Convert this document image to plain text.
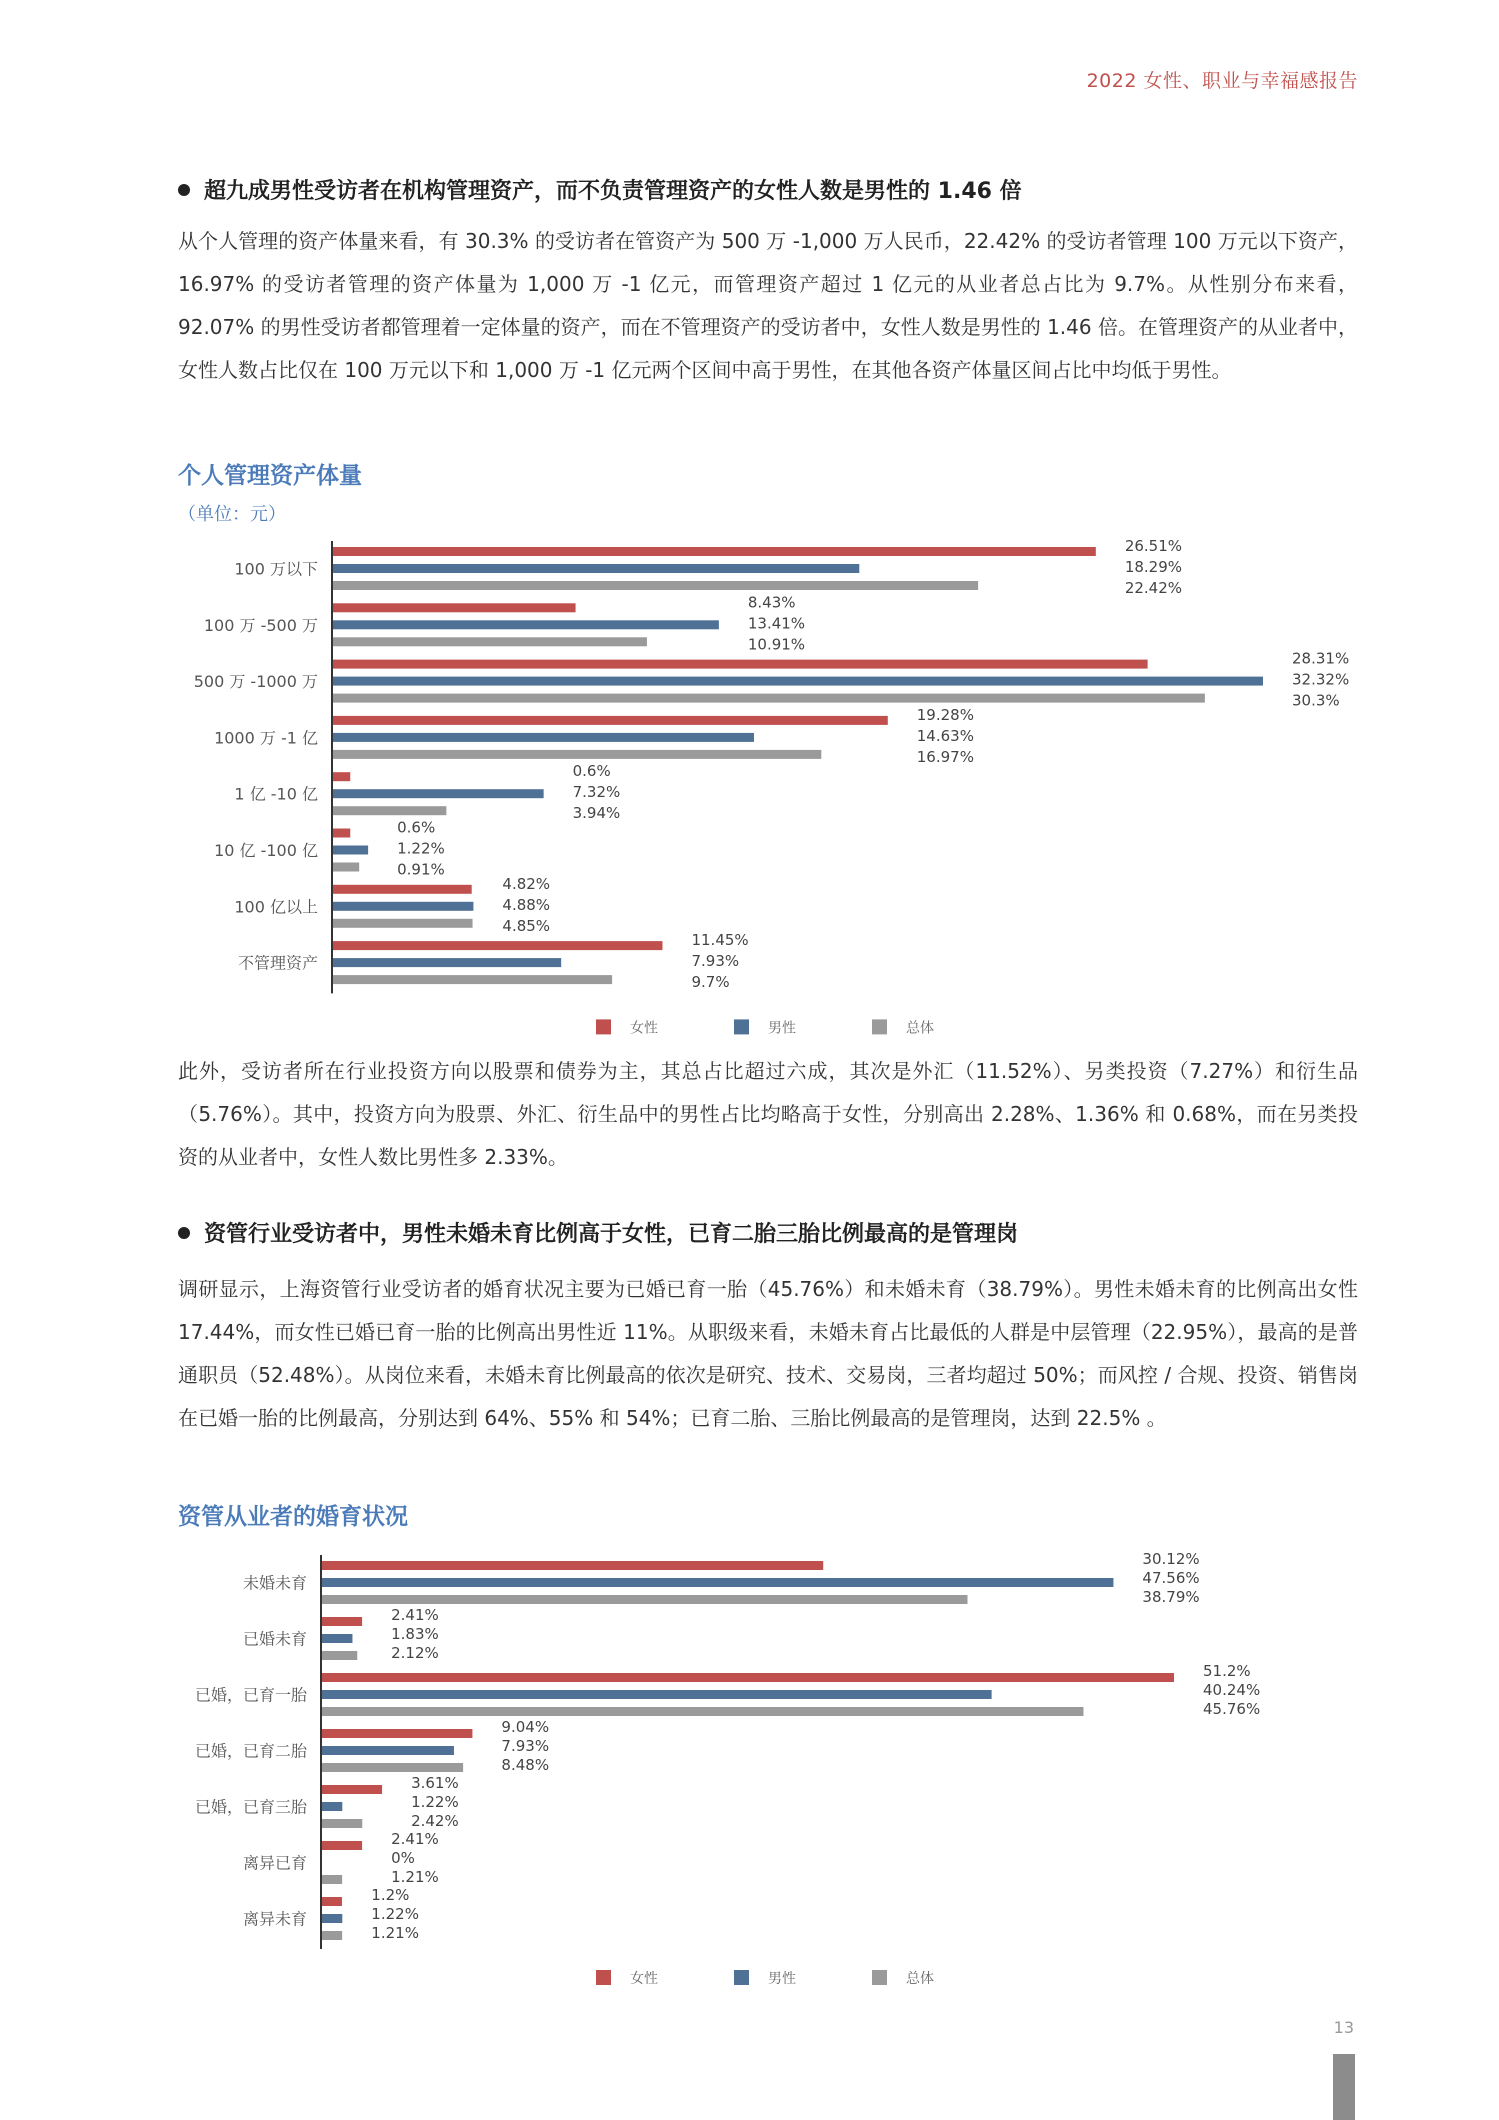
2022 女性、职业与幸福感报告
超九成男性受访者在机构管理资产，而不负责管理资产的女性人数是男性的 1.46 倍
从个人管理的资产体量来看，有 30.3% 的受访者在管资产为 500 万 -1,000 万人民币，22.42% 的受访者管理 100 万元以下资产，16.97% 的受访者管理的资产体量为 1,000 万 -1 亿元，而管理资产超过 1 亿元的从业者总占比为 9.7%。从性别分布来看，92.07% 的男性受访者都管理着一定体量的资产，而在不管理资产的受访者中，女性人数是男性的 1.46 倍。在管理资产的从业者中，女性人数占比仅在 100 万元以下和 1,000 万 -1 亿元两个区间中高于男性，在其他各资产体量区间占比中均低于男性。
个人管理资产体量
（单位：元）
100 万以下
26.51%
18.29%
22.42%
100 万 -500 万
8.43%
13.41%
10.91%
500 万 -1000 万
28.31%
32.32%
30.3%
1000 万 -1 亿
19.28%
14.63%
16.97%
1 亿 -10 亿
0.6%
7.32%
3.94%
10 亿 -100 亿
0.6%
1.22%
0.91%
100 亿以上
4.82%
4.88%
4.85%
不管理资产
11.45%
7.93%
9.7%
女性	男性	总体
此外，受访者所在行业投资方向以股票和债券为主，其总占比超过六成，其次是外汇（11.52%）、另类投资（7.27%）和衍生品（5.76%）。其中，投资方向为股票、外汇、衍生品中的男性占比均略高于女性，分别高出 2.28%、1.36% 和 0.68%，而在另类投资的从业者中，女性人数比男性多 2.33%。
资管行业受访者中，男性未婚未育比例高于女性，已育二胎三胎比例最高的是管理岗
调研显示，上海资管行业受访者的婚育状况主要为已婚已育一胎（45.76%）和未婚未育（38.79%）。男性未婚未育的比例高出女性 17.44%，而女性已婚已育一胎的比例高出男性近 11%。从职级来看，未婚未育占比最低的人群是中层管理（22.95%），最高的是普通职员（52.48%）。从岗位来看，未婚未育比例最高的依次是研究、技术、交易岗，三者均超过 50%；而风控 / 合规、投资、销售岗在已婚一胎的比例最高，分别达到 64%、55% 和 54%；已育二胎、三胎比例最高的是管理岗，达到 22.5% 。
资管从业者的婚育状况
未婚未育
30.12%
47.56%
38.79%
已婚未育
2.41%
1.83%
2.12%
已婚，已育一胎
51.2%
40.24%
45.76%
已婚，已育二胎
9.04%
7.93%
8.48%
已婚，已育三胎
3.61%
1.22%
2.42%
离异已育
2.41%
0%
1.21%
离异未育
1.2%
1.22%
1.21%
女性	男性	总体
13
